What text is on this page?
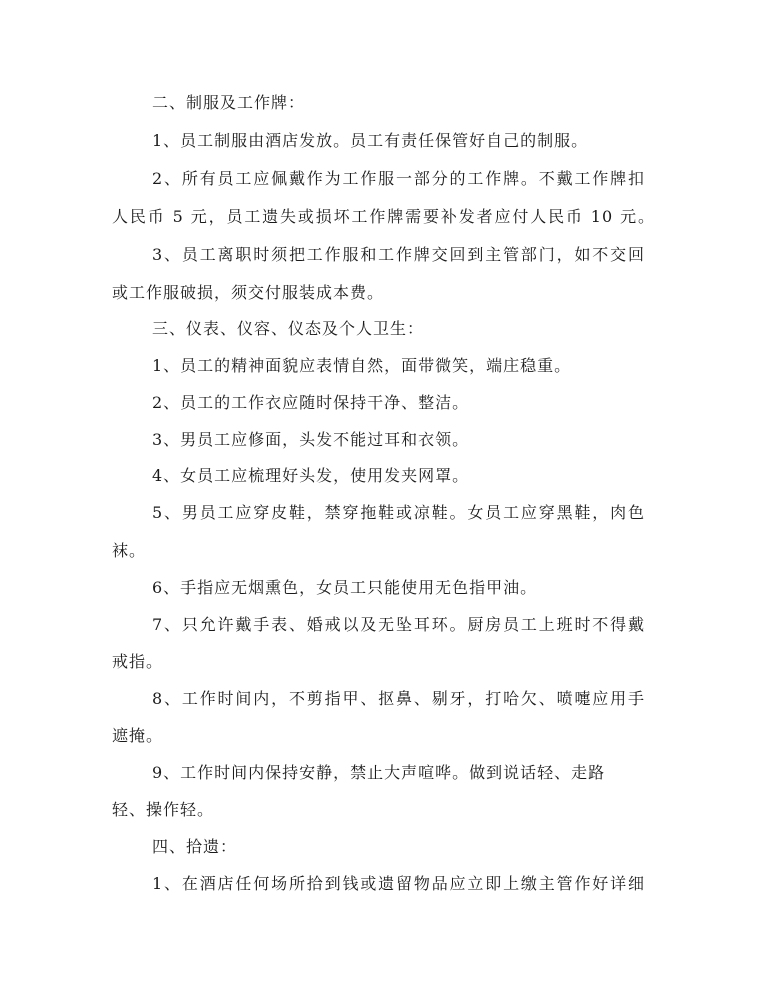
二、制服及工作牌：
1、员工制服由酒店发放。员工有责任保管好自己的制服。
2、所有员工应佩戴作为工作服一部分的工作牌。不戴工作牌扣
人民币 5 元，员工遗失或损坏工作牌需要补发者应付人民币 10 元。
3、员工离职时须把工作服和工作牌交回到主管部门，如不交回
或工作服破损，须交付服装成本费。
三、仪表、仪容、仪态及个人卫生：
1、员工的精神面貌应表情自然，面带微笑，端庄稳重。
2、员工的工作衣应随时保持干净、整洁。
3、男员工应修面，头发不能过耳和衣领。
4、女员工应梳理好头发，使用发夹网罩。
5、男员工应穿皮鞋，禁穿拖鞋或凉鞋。女员工应穿黑鞋，肉色
袜。
6、手指应无烟熏色，女员工只能使用无色指甲油。
7、只允许戴手表、婚戒以及无坠耳环。厨房员工上班时不得戴
戒指。
8、工作时间内，不剪指甲、抠鼻、剔牙，打哈欠、喷嚏应用手
遮掩。
9、工作时间内保持安静，禁止大声喧哗。做到说话轻、走路
轻、操作轻。
四、拾遗：
1、在酒店任何场所拾到钱或遗留物品应立即上缴主管作好详细
